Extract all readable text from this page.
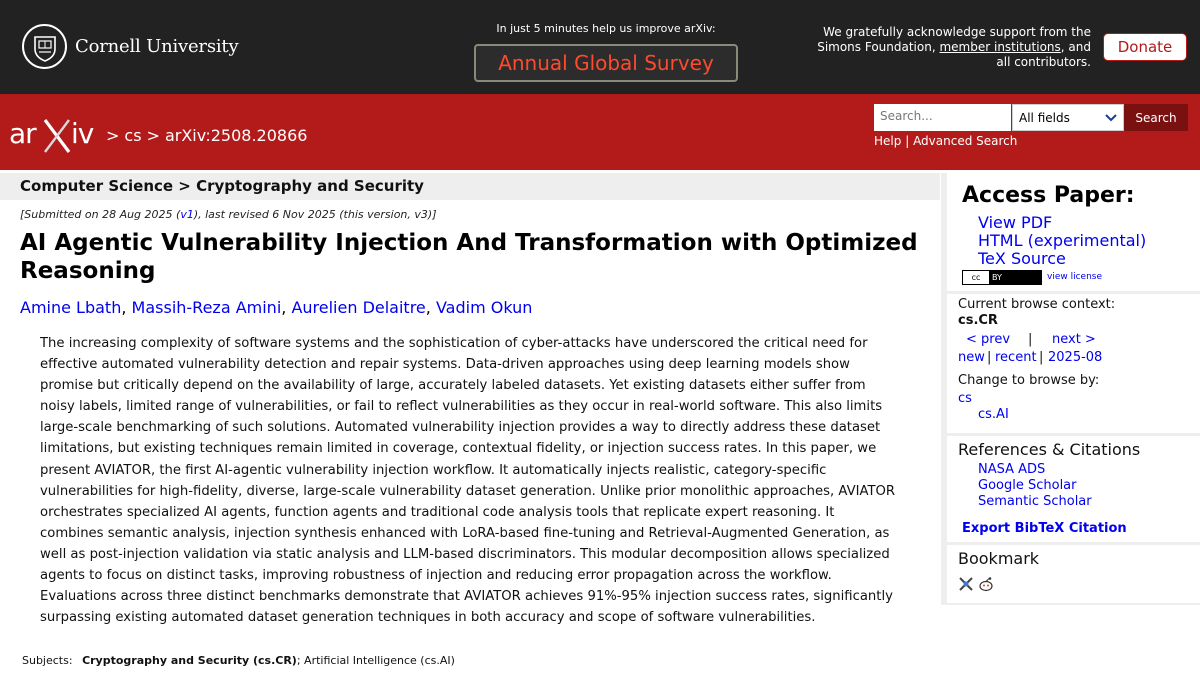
Cornell University
In just 5 minutes help us improve arXiv:
Annual Global Survey
We gratefully acknowledge support from the
Simons Foundation, member institutions, and
all contributors.
Donate
ar iv > cs > arXiv:2508.20866
Search...	All fields	Search
Help | Advanced Search
Computer Science > Cryptography and Security
[Submitted on 28 Aug 2025 (v1), last revised 6 Nov 2025 (this version, v3)]
AI Agentic Vulnerability Injection And Transformation with Optimized Reasoning
Amine Lbath, Massih-Reza Amini, Aurelien Delaitre, Vadim Okun

The increasing complexity of software systems and the sophistication of cyber-attacks have underscored the critical need for effective automated vulnerability detection and repair systems. Data-driven approaches using deep learning models show promise but critically depend on the availability of large, accurately labeled datasets. Yet existing datasets either suffer from noisy labels, limited range of vulnerabilities, or fail to reflect vulnerabilities as they occur in real-world software. This also limits large-scale benchmarking of such solutions. Automated vulnerability injection provides a way to directly address these dataset limitations, but existing techniques remain limited in coverage, contextual fidelity, or injection success rates. In this paper, we present AVIATOR, the first AI-agentic vulnerability injection workflow. It automatically injects realistic, category-specific vulnerabilities for high-fidelity, diverse, large-scale vulnerability dataset generation. Unlike prior monolithic approaches, AVIATOR orchestrates specialized AI agents, function agents and traditional code analysis tools that replicate expert reasoning. It combines semantic analysis, injection synthesis enhanced with LoRA-based fine-tuning and Retrieval-Augmented Generation, as well as post-injection validation via static analysis and LLM-based discriminators. This modular decomposition allows specialized agents to focus on distinct tasks, improving robustness of injection and reducing error propagation across the workflow. Evaluations across three distinct benchmarks demonstrate that AVIATOR achieves 91%-95% injection success rates, significantly surpassing existing automated dataset generation techniques in both accuracy and scope of software vulnerabilities.

Subjects: Cryptography and Security (cs.CR); Artificial Intelligence (cs.AI)
Access Paper:
View PDF
HTML (experimental)
TeX Source
cc	BY	view license
Current browse context:
cs.CR
< prev | next >
new | recent | 2025-08
Change to browse by:
cs
cs.AI
References & Citations
NASA ADS
Google Scholar
Semantic Scholar
Export BibTeX Citation
Bookmark
